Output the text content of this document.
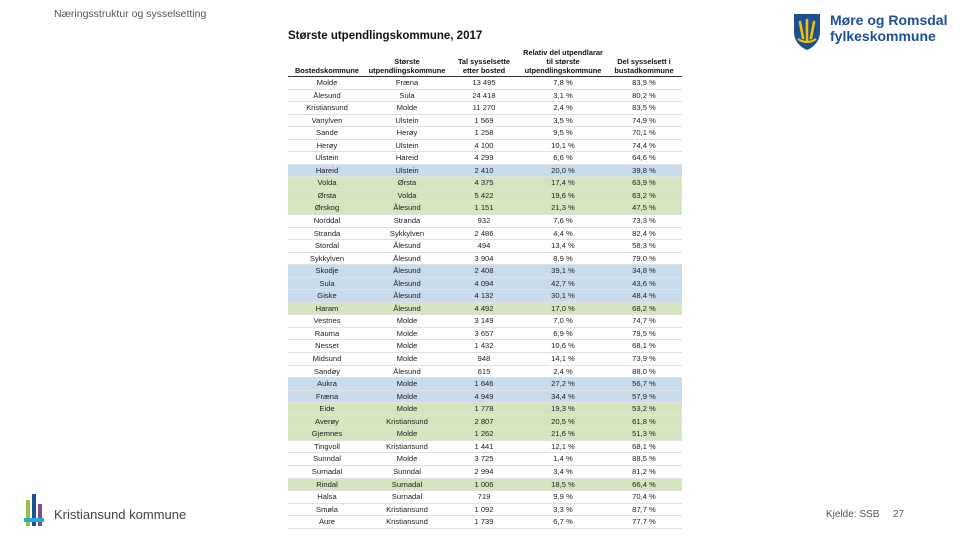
Næringsstruktur og sysselsetting	Møre og Romsdal
fylkeskommune
Største utpendlingskommune, 2017
Bostedskommune	Største utpendlingskommune	Tal sysselsette etter bosted	Relativ del utpendlarar til største utpendlingskommune	Del sysselsett i bustadkommune
Molde	Fræna	13 495	7,8 %	83,9 %
Ålesund	Sula	24 418	3,1 %	80,2 %
Kristiansund	Molde	11 270	2,4 %	83,5 %
Vanylven	Ulstein	1 569	3,5 %	74,9 %
Sande	Herøy	1 258	9,5 %	70,1 %
Herøy	Ulstein	4 100	10,1 %	74,4 %
Ulstein	Hareid	4 299	6,6 %	64,6 %
Hareid	Ulstein	2 410	20,0 %	39,8 %
Volda	Ørsta	4 375	17,4 %	63,9 %
Ørsta	Volda	5 422	19,6 %	63,2 %
Ørskog	Ålesund	1 151	21,3 %	47,5 %
Norddal	Stranda	932	7,6 %	73,3 %
Stranda	Sykkylven	2 486	4,4 %	82,4 %
Stordal	Ålesund	494	13,4 %	58,3 %
Sykkylven	Ålesund	3 904	8,9 %	79,0 %
Skodje	Ålesund	2 408	39,1 %	34,8 %
Sula	Ålesund	4 094	42,7 %	43,6 %
Giske	Ålesund	4 132	30,1 %	48,4 %
Haram	Ålesund	4 492	17,0 %	68,2 %
Vestnes	Molde	3 149	7,0 %	74,7 %
Rauma	Molde	3 657	6,9 %	79,5 %
Nesset	Molde	1 432	10,6 %	68,1 %
Midsund	Molde	948	14,1 %	73,9 %
Sandøy	Ålesund	615	2,4 %	88,0 %
Aukra	Molde	1 646	27,2 %	56,7 %
Fræna	Molde	4 949	34,4 %	57,9 %
Eide	Molde	1 778	19,3 %	53,2 %
Averøy	Kristiansund	2 807	20,5 %	61,8 %
Gjemnes	Molde	1 262	21,6 %	51,3 %
Tingvoll	Kristiansund	1 441	12,1 %	68,1 %
Sunndal	Molde	3 725	1,4 %	88,5 %
Surnadal	Sunndal	2 994	3,4 %	81,2 %
Rindal	Surnadal	1 006	18,5 %	66,4 %
Halsa	Surnadal	719	9,9 %	70,4 %
Smøla	Kristiansund	1 092	3,3 %	87,7 %
Aure	Kristiansund	1 739	6,7 %	77,7 %
Kristiansund kommune	Kjelde: SSB 27
